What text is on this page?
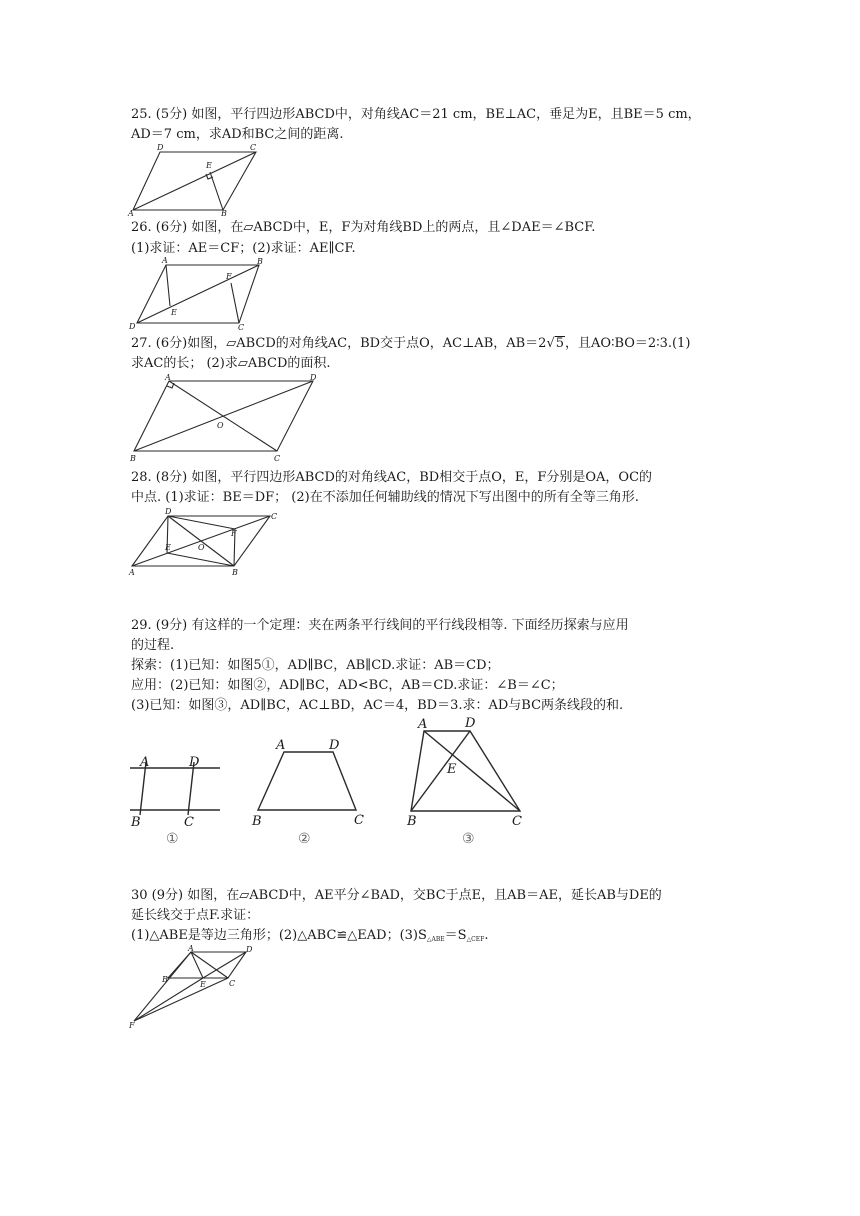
25. (5分) 如图，平行四边形ABCD中，对角线AC＝21 cm，BE⊥AC，垂足为E，且BE＝5 cm，
AD＝7 cm，求AD和BC之间的距离.
A	B
C
D
E
26. (6分) 如图，在▱ABCD中，E，F为对角线BD上的两点，且∠DAE＝∠BCF.
(1)求证：AE＝CF；(2)求证：AE∥CF.
A	B
C
D
E
F
27. (6分)如图，▱ABCD的对角线AC，BD交于点O，AC⊥AB，AB＝2√5，且AO∶BO＝2∶3.(1)
求AC的长； (2)求▱ABCD的面积.
A
B	C
D
O
28. (8分) 如图，平行四边形ABCD的对角线AC，BD相交于点O，E，F分别是OA，OC的
中点. (1)求证：BE＝DF； (2)在不添加任何辅助线的情况下写出图中的所有全等三角形.
A	B
C
D
E
F
O
29. (9分) 有这样的一个定理：夹在两条平行线间的平行线段相等. 下面经历探索与应用
的过程.
探索：(1)已知：如图5①，AD∥BC，AB∥CD.求证：AB＝CD；
应用：(2)已知：如图②，AD∥BC，AD<BC，AB＝CD.求证：∠B＝∠C；
(3)已知：如图③，AD∥BC，AC⊥BD，AC＝4，BD＝3.求：AD与BC两条线段的和.
A	D
B	C
①
A	D
B	C
②
A	D
E
B	C
③
30 (9分) 如图，在▱ABCD中，AE平分∠BAD，交BC于点E，且AB＝AE，延长AB与DE的
延长线交于点F.求证：
(1)△ABE是等边三角形；(2)△ABC≌△EAD；$(3)S_{\triangle ABE}=S_{\triangle CEF}$.
A	D
B
E	C
F
